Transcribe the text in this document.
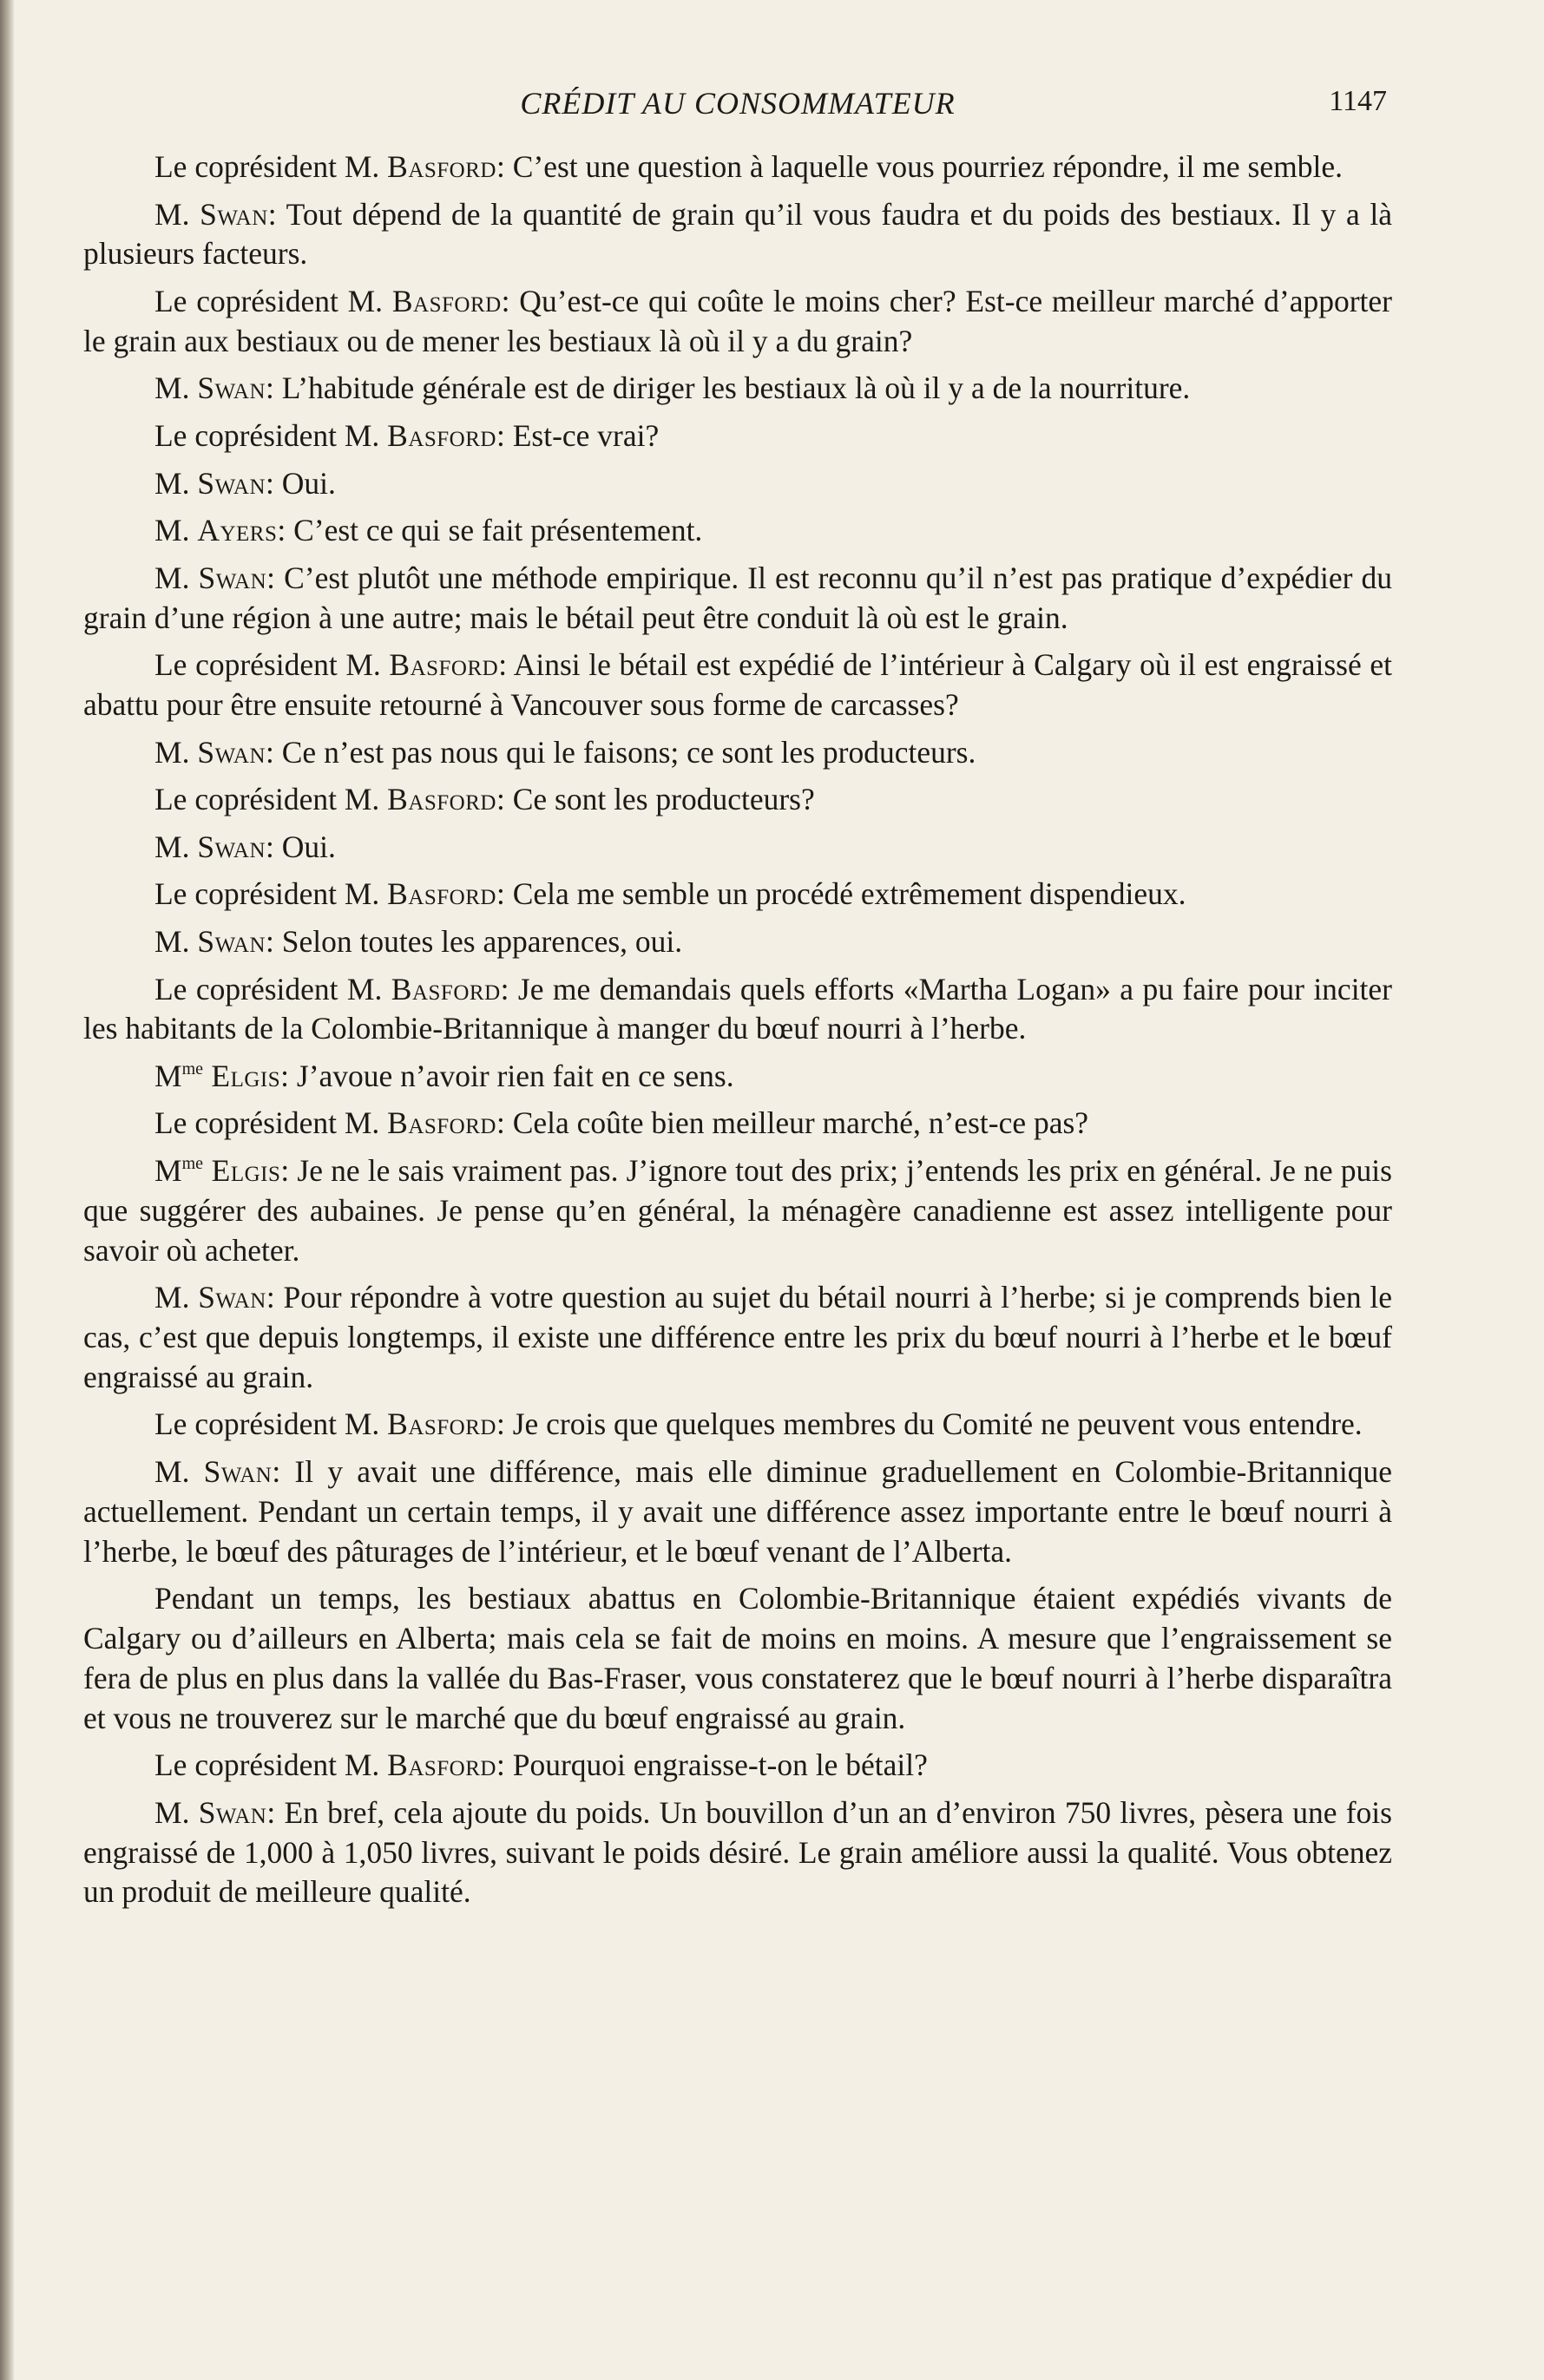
CRÉDIT AU CONSOMMATEUR	1147

Le coprésident M. Basford: C’est une question à laquelle vous pourriez répondre, il me semble.

M. Swan: Tout dépend de la quantité de grain qu’il vous faudra et du poids des bestiaux. Il y a là plusieurs facteurs.

Le coprésident M. Basford: Qu’est-ce qui coûte le moins cher? Est-ce meilleur marché d’apporter le grain aux bestiaux ou de mener les bestiaux là où il y a du grain?

M. Swan: L’habitude générale est de diriger les bestiaux là où il y a de la nourriture.

Le coprésident M. Basford: Est-ce vrai?

M. Swan: Oui.

M. Ayers: C’est ce qui se fait présentement.

M. Swan: C’est plutôt une méthode empirique. Il est reconnu qu’il n’est pas pratique d’expédier du grain d’une région à une autre; mais le bétail peut être conduit là où est le grain.

Le coprésident M. Basford: Ainsi le bétail est expédié de l’intérieur à Calgary où il est engraissé et abattu pour être ensuite retourné à Vancouver sous forme de carcasses?

M. Swan: Ce n’est pas nous qui le faisons; ce sont les producteurs.

Le coprésident M. Basford: Ce sont les producteurs?

M. Swan: Oui.

Le coprésident M. Basford: Cela me semble un procédé extrêmement dispendieux.

M. Swan: Selon toutes les apparences, oui.

Le coprésident M. Basford: Je me demandais quels efforts «Martha Logan» a pu faire pour inciter les habitants de la Colombie-Britannique à manger du bœuf nourri à l’herbe.

$M^{me}$ Elgis: J’avoue n’avoir rien fait en ce sens.

Le coprésident M. Basford: Cela coûte bien meilleur marché, n’est-ce pas?

$M^{me}$ Elgis: Je ne le sais vraiment pas. J’ignore tout des prix; j’entends les prix en général. Je ne puis que suggérer des aubaines. Je pense qu’en général, la ménagère canadienne est assez intelligente pour savoir où acheter.

M. Swan: Pour répondre à votre question au sujet du bétail nourri à l’herbe; si je comprends bien le cas, c’est que depuis longtemps, il existe une différence entre les prix du bœuf nourri à l’herbe et le bœuf engraissé au grain.

Le coprésident M. Basford: Je crois que quelques membres du Comité ne peuvent vous entendre.

M. Swan: Il y avait une différence, mais elle diminue graduellement en Colombie-Britannique actuellement. Pendant un certain temps, il y avait une différence assez importante entre le bœuf nourri à l’herbe, le bœuf des pâturages de l’intérieur, et le bœuf venant de l’Alberta.

Pendant un temps, les bestiaux abattus en Colombie-Britannique étaient expédiés vivants de Calgary ou d’ailleurs en Alberta; mais cela se fait de moins en moins. A mesure que l’engraissement se fera de plus en plus dans la vallée du Bas-Fraser, vous constaterez que le bœuf nourri à l’herbe disparaîtra et vous ne trouverez sur le marché que du bœuf engraissé au grain.

Le coprésident M. Basford: Pourquoi engraisse-t-on le bétail?

M. Swan: En bref, cela ajoute du poids. Un bouvillon d’un an d’environ 750 livres, pèsera une fois engraissé de 1,000 à 1,050 livres, suivant le poids désiré. Le grain améliore aussi la qualité. Vous obtenez un produit de meilleure qualité.
